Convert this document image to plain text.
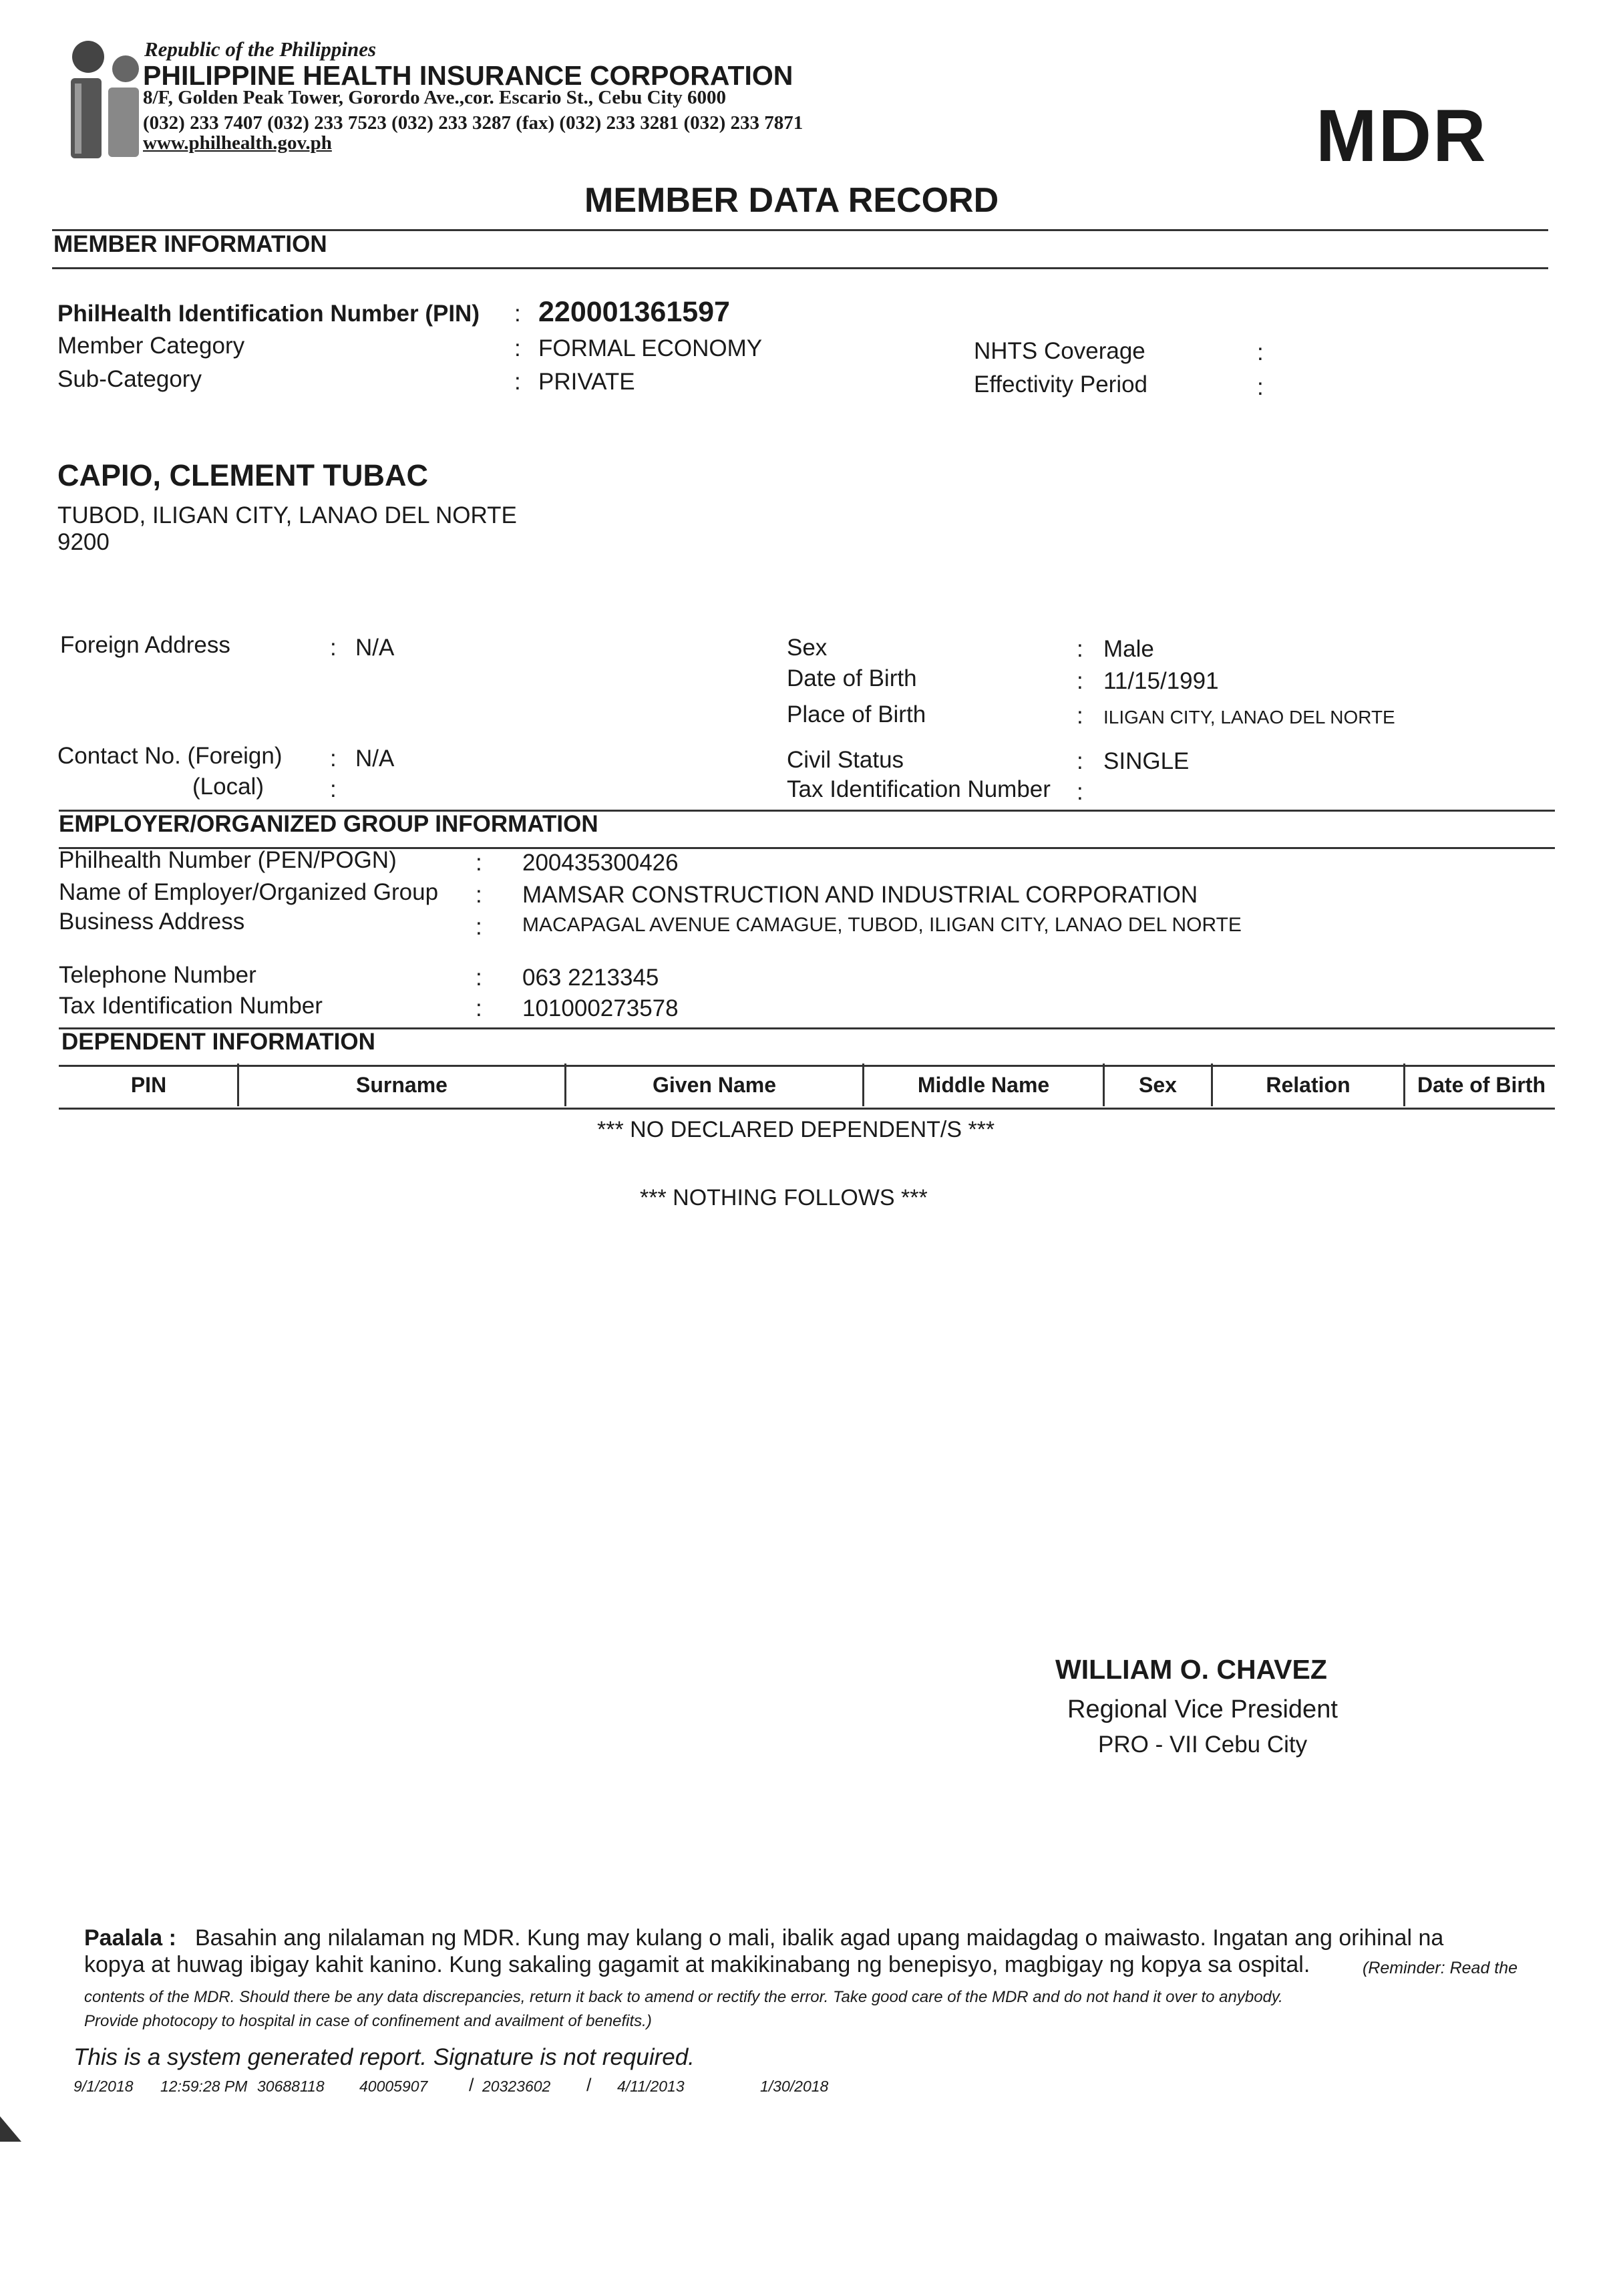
Republic of the Philippines
PHILIPPINE HEALTH INSURANCE CORPORATION
8/F, Golden Peak Tower, Gorordo Ave.,cor. Escario St., Cebu City 6000
(032) 233 7407 (032) 233 7523 (032) 233 3287 (fax) (032) 233 3281 (032) 233 7871
www.philhealth.gov.ph	MDR
MEMBER DATA RECORD
MEMBER INFORMATION
PhilHealth Identification Number (PIN) : 220001361597
Member Category	: FORMAL ECONOMY
Sub-Category	: PRIVATE
NHTS Coverage	:
Effectivity Period	:
CAPIO, CLEMENT TUBAC
TUBOD, ILIGAN CITY, LANAO DEL NORTE
9200
Foreign Address	: N/A
Contact No. (Foreign) : N/A
(Local)	:
Sex	: Male
Date of Birth	: 11/15/1991
Place of Birth	: ILIGAN CITY, LANAO DEL NORTE
Civil Status	: SINGLE
Tax Identification Number :
EMPLOYER/ORGANIZED GROUP INFORMATION
Philhealth Number (PEN/POGN)	: 200435300426
Name of Employer/Organized Group : MAMSAR CONSTRUCTION AND INDUSTRIAL CORPORATION
Business Address	: MACAPAGAL AVENUE CAMAGUE, TUBOD, ILIGAN CITY, LANAO DEL NORTE
Telephone Number	: 063 2213345
Tax Identification Number	: 101000273578
DEPENDENT INFORMATION
PIN	Surname	Given Name	Middle Name	Sex	Relation	Date of Birth
*** NO DECLARED DEPENDENT/S ***
*** NOTHING FOLLOWS ***
WILLIAM O. CHAVEZ
Regional Vice President
PRO - VII Cebu City
Paalala : Basahin ang nilalaman ng MDR. Kung may kulang o mali, ibalik agad upang maidagdag o maiwasto. Ingatan ang orihinal na
kopya at huwag ibigay kahit kanino. Kung sakaling gagamit at makikinabang ng benepisyo, magbigay ng kopya sa ospital.	(Reminder: Read the
contents of the MDR. Should there be any data discrepancies, return it back to amend or rectify the error. Take good care of the MDR and do not hand it over to anybody.
Provide photocopy to hospital in case of confinement and availment of benefits.)
This is a system generated report. Signature is not required.
9/1/2018 12:59:28 PM 30688118 40005907 / 20323602 / 4/11/2013	1/30/2018
